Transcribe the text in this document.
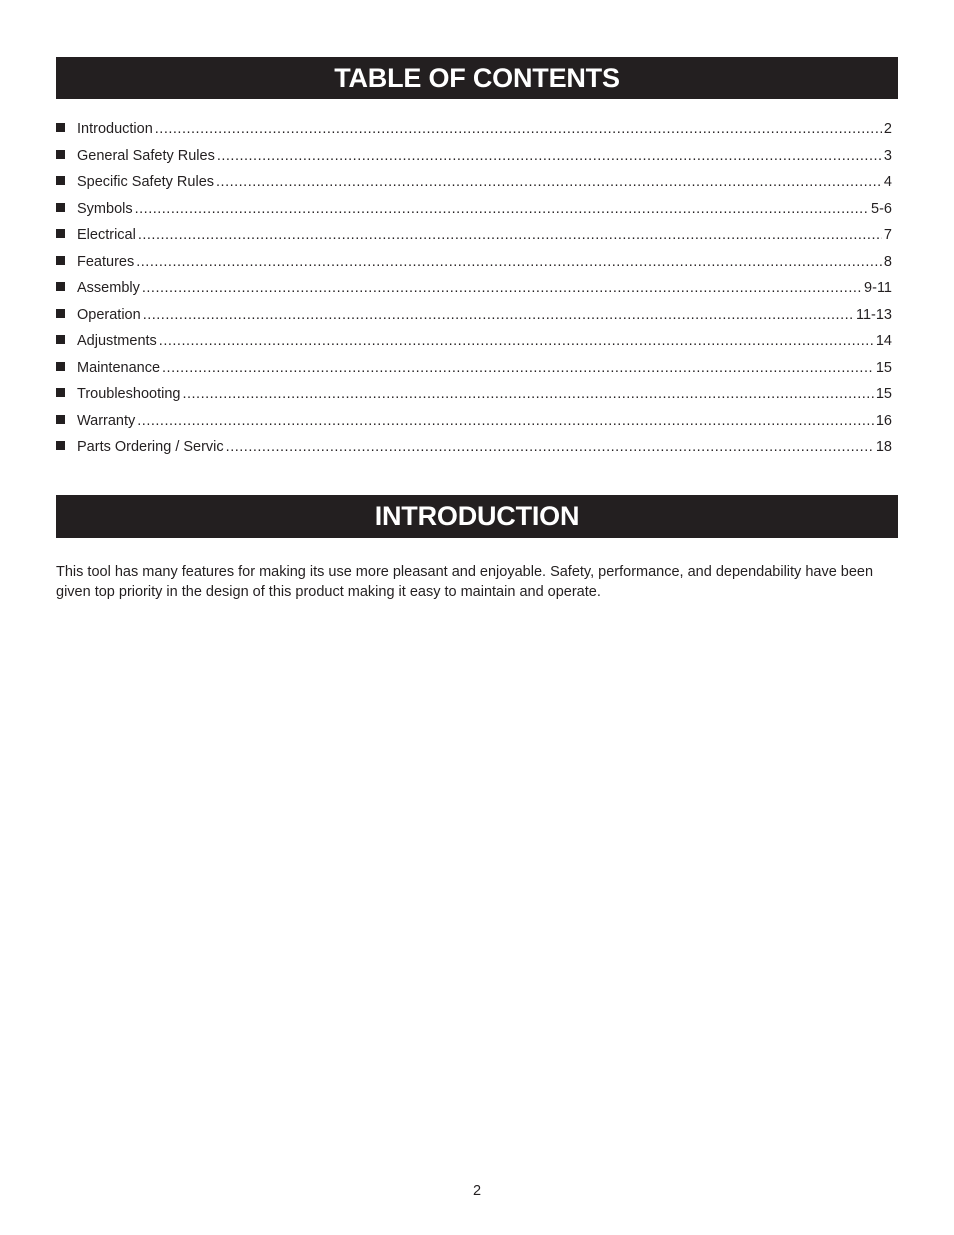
TABLE OF CONTENTS
Introduction .....	2
General Safety Rules .....	3
Specific Safety Rules .....	4
Symbols .....	5-6
Electrical .....	7
Features .....	8
Assembly .....	9-11
Operation .....	11-13
Adjustments .....	14
Maintenance .....	15
Troubleshooting .....	15
Warranty .....	16
Parts Ordering / Servic .....	18
INTRODUCTION

This tool has many features for making its use more pleasant and enjoyable. Safety, performance, and dependability have been given top priority in the design of this product making it easy to maintain and operate.

2
